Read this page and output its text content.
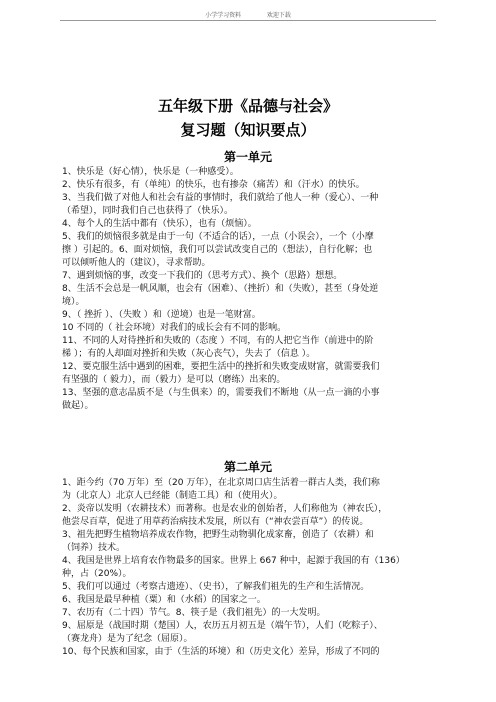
小学学习资料	欢迎下载
五年级下册《品德与社会》
复习题（知识要点）
第一单元
1、快乐是（好心情），快乐是（一种感受）。
2、快乐有很多，有（单纯）的快乐，也有掺杂（痛苦）和（汗水）的快乐。
3、当我们做了对他人和社会有益的事情时，我们就给了他人一种（爱心）、一种
（希望），同时我们自己也获得了（快乐）。
4、每个人的生活中都有（快乐），也有（烦恼）。
5、我们的烦恼很多就是由于一句（不适合的话），一点（小误会），一个（小摩
擦 ）引起的。6、面对烦恼，我们可以尝试改变自己的（想法），自行化解；也
可以倾听他人的（建议），寻求帮助。
7、遇到烦恼的事，改变一下我们的（思考方式）、换个（思路）想想。
8、生活不会总是一帆风顺，也会有（困难）、（挫折）和（失败），甚至（身处逆
境）。
9、（ 挫折 ）、（失败 ）和（逆境）也是一笔财富。
10 不同的（ 社会环境）对我们的成长会有不同的影响。
11、不同的人对待挫折和失败的（态度 ）不同，有的人把它当作（前进中的阶
梯 ）；有的人却面对挫折和失败（灰心丧气），失去了（信息 ）。
12、要克服生活中遇到的困难，要把生活中的挫折和失败变成财富，就需要我们
有坚强的（ 毅力），而（毅力）是可以（磨练）出来的。
13、坚强的意志品质不是（与生俱来）的，需要我们不断地（从一点一滴的小事
做起）。
第二单元
1、距今约（70 万年）至（20 万年），在北京周口店生活着一群古人类，我们称
为（北京人）北京人已经能（制造工具）和（使用火）。
2、炎帝以发明（农耕技术）而著称。也是农业的创始者，人们称他为（神农氏），
他尝尽百草，促进了用草药治病技术发展，所以有（“神农尝百草”）的传说。
3、祖先把野生植物培养成农作物，把野生动物驯化成家畜，创造了（农耕）和
（饲养）技术。
4、我国是世界上培育农作物最多的国家。世界上 667 种中，起源于我国的有（136）
种，占（20%）。
5、我们可以通过（考察古遗迹）、（史书），了解我们祖先的生产和生活情况。
6、我国是最早种植（粟）和（水稻）的国家之一。
7、农历有（二十四）节气。8、筷子是（我们祖先）的一大发明。
9、屈原是（战国时期（楚国）人，农历五月初五是（端午节），人们（吃粽子）、
（赛龙舟）是为了纪念（屈原）。
10、每个民族和国家，由于（生活的环境）和（历史文化）差异，形成了不同的
